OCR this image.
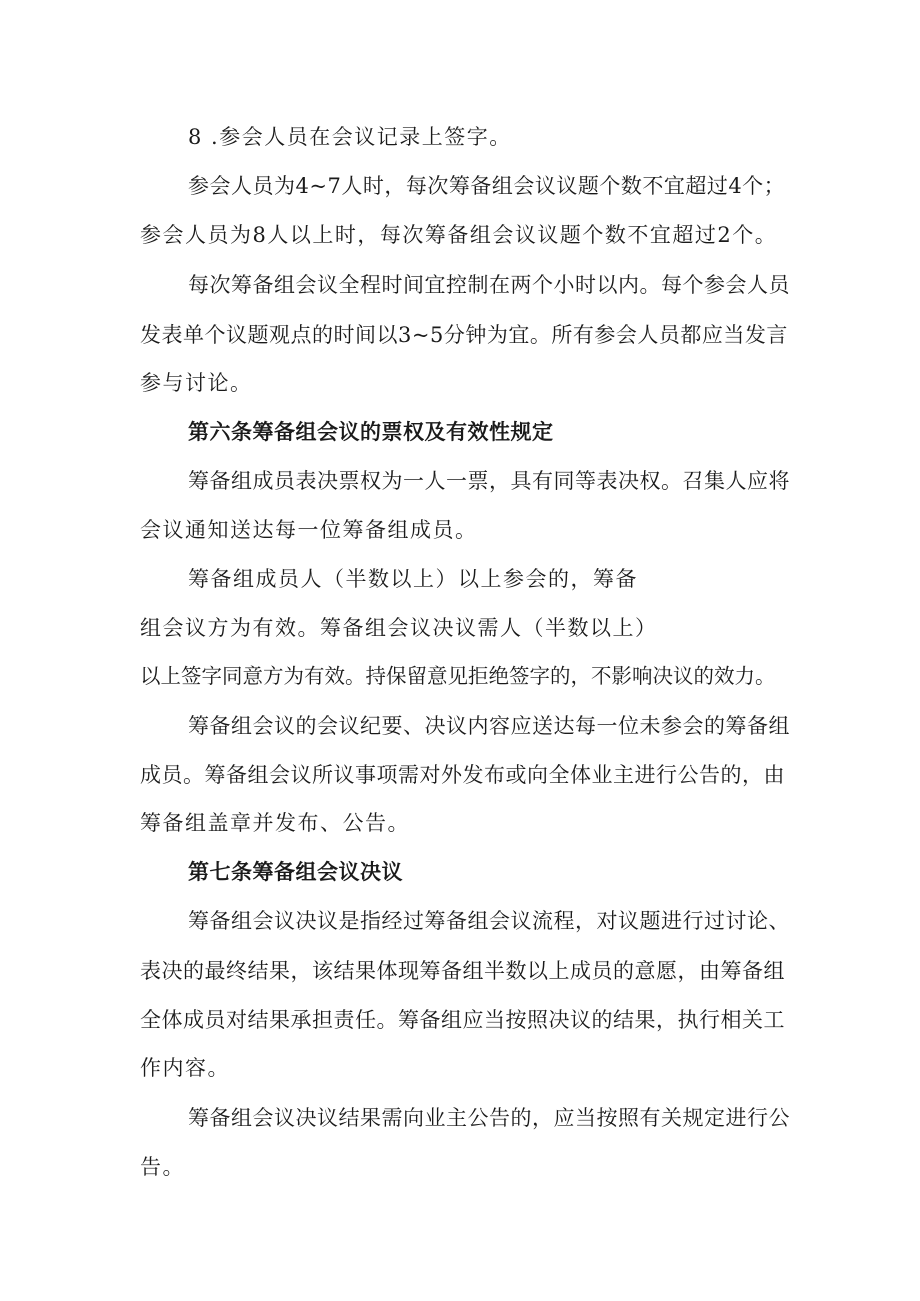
8 .参会人员在会议记录上签字。
参会人员为4~7人时，每次筹备组会议议题个数不宜超过4个；
参会人员为8人以上时，每次筹备组会议议题个数不宜超过2个。
每次筹备组会议全程时间宜控制在两个小时以内。每个参会人员
发表单个议题观点的时间以3~5分钟为宜。所有参会人员都应当发言
参与讨论。
第六条筹备组会议的票权及有效性规定
筹备组成员表决票权为一人一票，具有同等表决权。召集人应将
会议通知送达每一位筹备组成员。
筹备组成员人（半数以上）以上参会的，筹备
组会议方为有效。筹备组会议决议需人（半数以上）
以上签字同意方为有效。持保留意见拒绝签字的，不影响决议的效力。
筹备组会议的会议纪要、决议内容应送达每一位未参会的筹备组
成员。筹备组会议所议事项需对外发布或向全体业主进行公告的，由
筹备组盖章并发布、公告。
第七条筹备组会议决议
筹备组会议决议是指经过筹备组会议流程，对议题进行过讨论、
表决的最终结果，该结果体现筹备组半数以上成员的意愿，由筹备组
全体成员对结果承担责任。筹备组应当按照决议的结果，执行相关工
作内容。
筹备组会议决议结果需向业主公告的，应当按照有关规定进行公
告。
